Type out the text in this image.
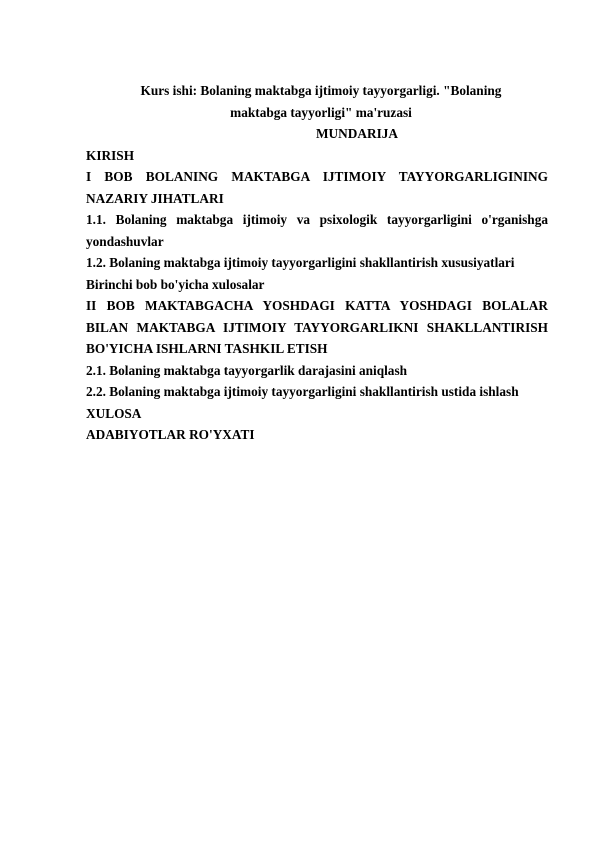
Kurs ishi: Bolaning maktabga ijtimoiy tayyorgarligi. "Bolaning
maktabga tayyorligi" ma'ruzasi

MUNDARIJA

KIRISH
I BOB BOLANING MAKTABGA IJTIMOIY TAYYORGARLIGINING
NAZARIY JIHATLARI
1.1. Bolaning maktabga ijtimoiy va psixologik tayyorgarligini o'rganishga
yondashuvlar
1.2. Bolaning maktabga ijtimoiy tayyorgarligini shakllantirish xususiyatlari
Birinchi bob bo'yicha xulosalar
II BOB MAKTABGACHA YOSHDAGI KATTA YOSHDAGI BOLALAR
BILAN MAKTABGA IJTIMOIY TAYYORGARLIKNI SHAKLLANTIRISH
BO'YICHA ISHLARNI TASHKIL ETISH
2.1. Bolaning maktabga tayyorgarlik darajasini aniqlash
2.2. Bolaning maktabga ijtimoiy tayyorgarligini shakllantirish ustida ishlash
XULOSA
ADABIYOTLAR RO'YXATI
